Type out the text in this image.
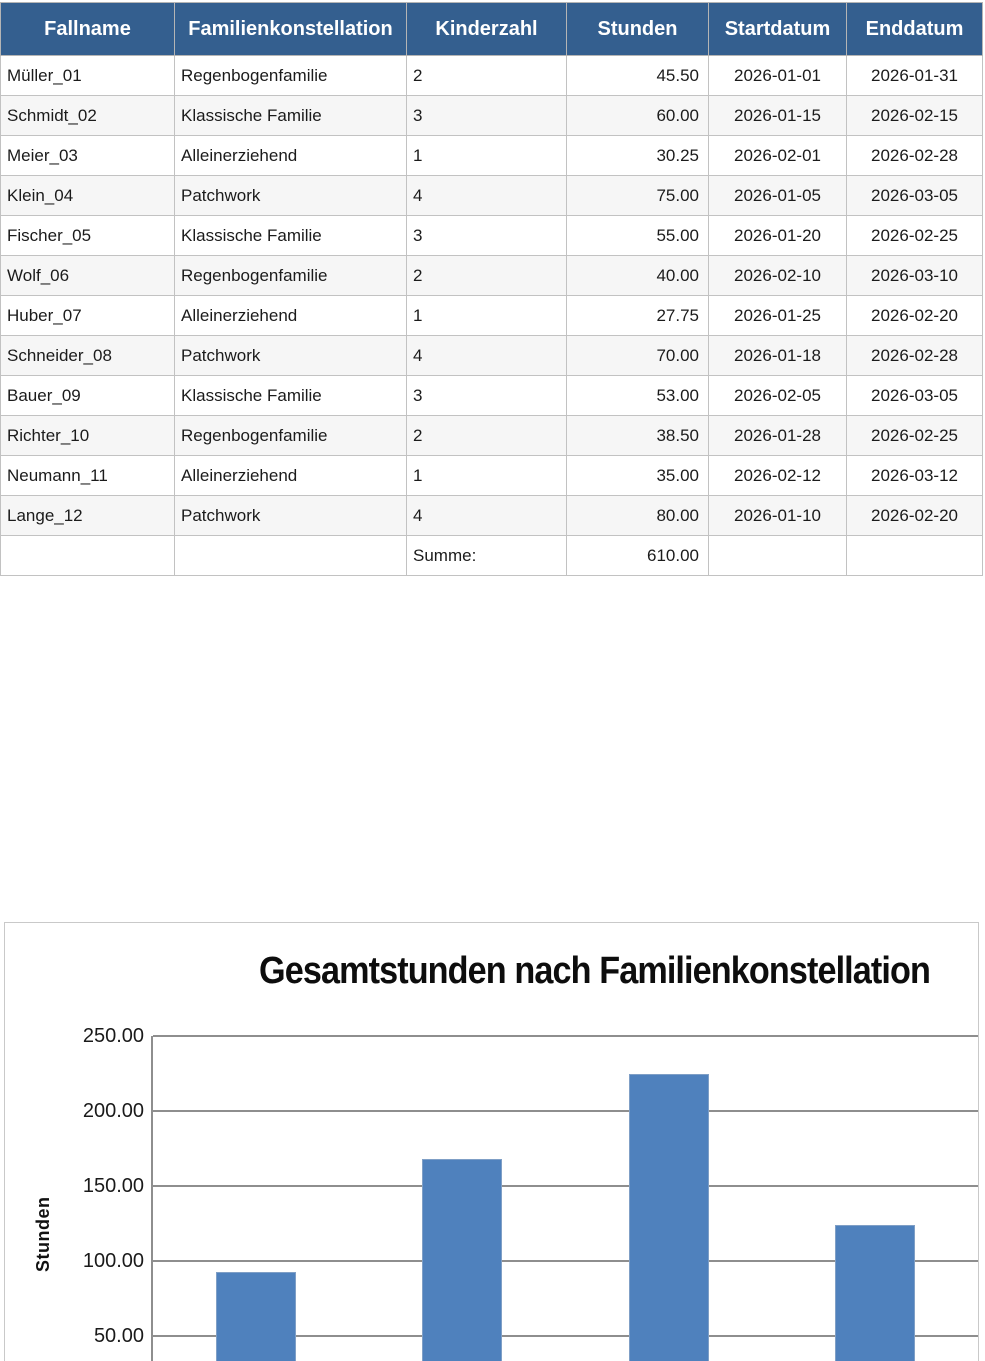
Fallname	Familienkonstellation	Kinderzahl	Stunden	Startdatum	Enddatum
Müller_01	Regenbogenfamilie	2	45.50	2026-01-01	2026-01-31
Schmidt_02	Klassische Familie	3	60.00	2026-01-15	2026-02-15
Meier_03	Alleinerziehend	1	30.25	2026-02-01	2026-02-28
Klein_04	Patchwork	4	75.00	2026-01-05	2026-03-05
Fischer_05	Klassische Familie	3	55.00	2026-01-20	2026-02-25
Wolf_06	Regenbogenfamilie	2	40.00	2026-02-10	2026-03-10
Huber_07	Alleinerziehend	1	27.75	2026-01-25	2026-02-20
Schneider_08	Patchwork	4	70.00	2026-01-18	2026-02-28
Bauer_09	Klassische Familie	3	53.00	2026-02-05	2026-03-05
Richter_10	Regenbogenfamilie	2	38.50	2026-01-28	2026-02-25
Neumann_11	Alleinerziehend	1	35.00	2026-02-12	2026-03-12
Lange_12	Patchwork	4	80.00	2026-01-10	2026-02-20
		Summe:	610.00		
Gesamtstunden nach Familienkonstellation
Stunden
250.00
200.00
150.00
100.00
50.00
